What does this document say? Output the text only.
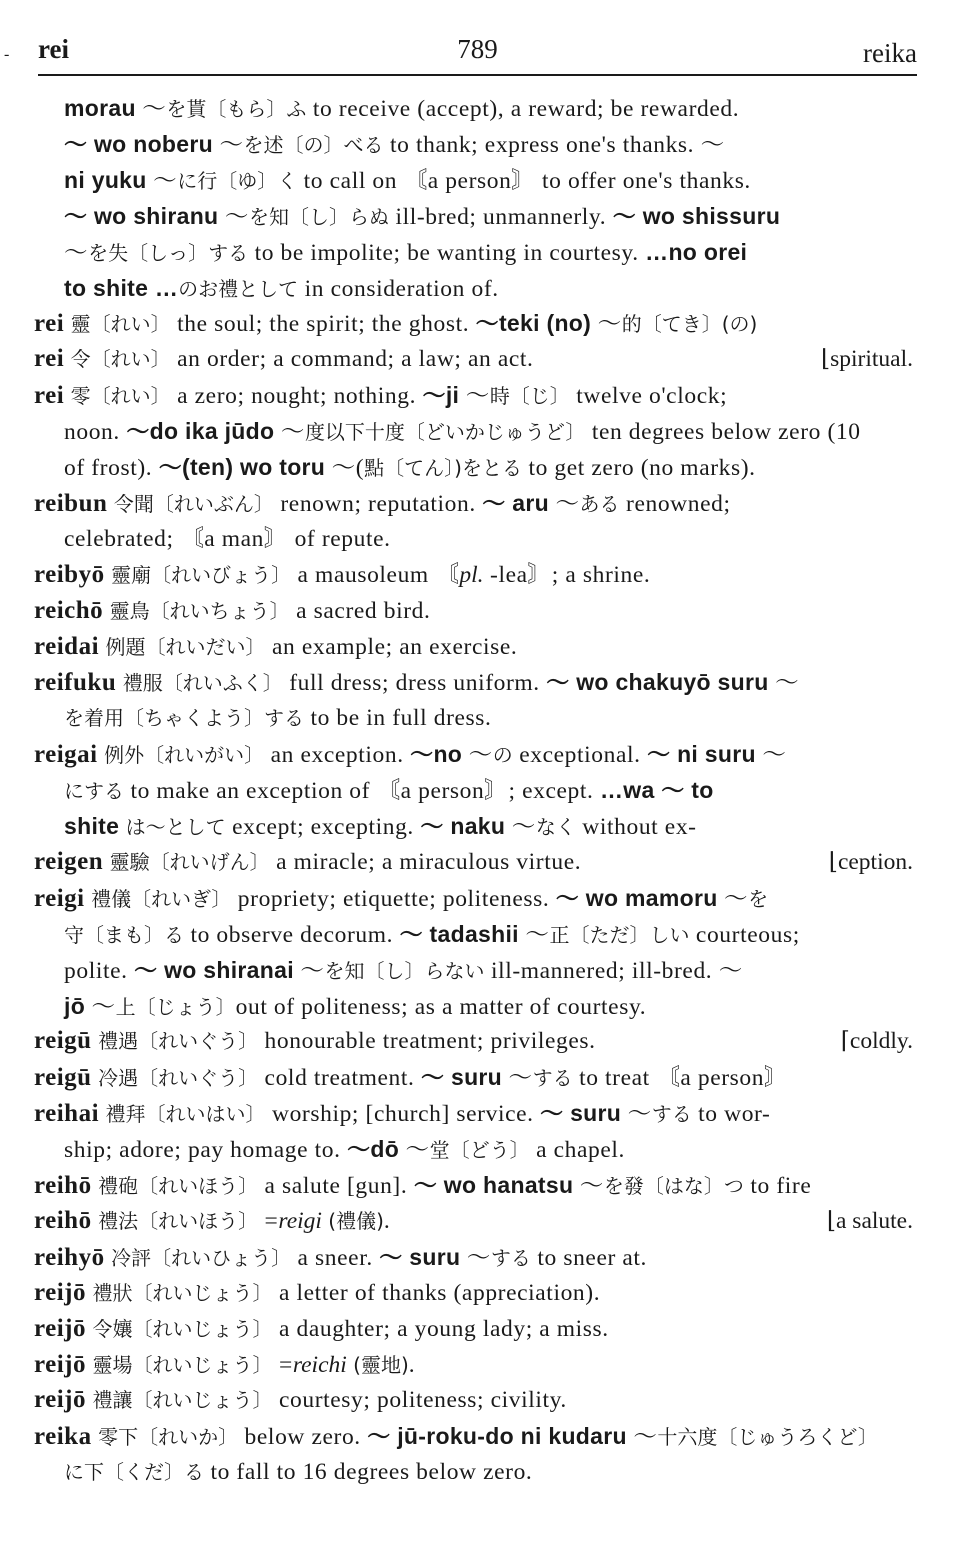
-	789
rei	reika
morau ～を貰〔もら〕ふ to receive (accept), a reward; be rewarded.
～ wo noberu ～を述〔の〕べる to thank; express one's thanks. ～
ni yuku ～に行〔ゆ〕く to call on 〘a person〙 to offer one's thanks.
～ wo shiranu ～を知〔し〕らぬ ill-bred; unmannerly. ～ wo shissuru
～を失〔しっ〕する to be impolite; be wanting in courtesy. …no orei
to shite …のお禮として in consideration of.
rei 靈〔れい〕 the soul; the spirit; the ghost. ～teki (no) ～的〔てき〕(の)
rei 令〔れい〕 an order; a command; a law; an act.	⌊spiritual.
rei 零〔れい〕 a zero; nought; nothing. ～ji ～時〔じ〕 twelve o'clock;
noon. ～do ika jūdo ～度以下十度〔どいかじゅうど〕 ten degrees below zero (10
of frost). ～(ten) wo toru ～(點〔てん〕)をとる to get zero (no marks).
reibun 令聞〔れいぶん〕 renown; reputation. ～ aru ～ある renowned;
celebrated; 〘a man〙 of repute.
reibyō 靈廟〔れいびょう〕 a mausoleum 〘pl. -lea〙; a shrine.
reichō 靈鳥〔れいちょう〕 a sacred bird.
reidai 例題〔れいだい〕 an example; an exercise.
reifuku 禮服〔れいふく〕 full dress; dress uniform. ～ wo chakuyō suru ～
を着用〔ちゃくよう〕する to be in full dress.
reigai 例外〔れいがい〕 an exception. ～no ～の exceptional. ～ ni suru ～
にする to make an exception of 〘a person〙; except. …wa ～ to
shite は～として except; excepting. ～ naku ～なく without ex-
reigen 靈驗〔れいげん〕 a miracle; a miraculous virtue.	⌊ception.
reigi 禮儀〔れいぎ〕 propriety; etiquette; politeness. ～ wo mamoru ～を
守〔まも〕る to observe decorum. ～ tadashii ～正〔ただ〕しい courteous;
polite. ～ wo shiranai ～を知〔し〕らない ill-mannered; ill-bred. ～
jō ～上〔じょう〕out of politeness; as a matter of courtesy.
reigū 禮遇〔れいぐう〕 honourable treatment; privileges.	⌈coldly.
reigū 冷遇〔れいぐう〕 cold treatment. ～ suru ～する to treat 〘a person〙
reihai 禮拜〔れいはい〕 worship; [church] service. ～ suru ～する to wor-
ship; adore; pay homage to. ～dō ～堂〔どう〕 a chapel.
reihō 禮砲〔れいほう〕 a salute [gun]. ～ wo hanatsu ～を發〔はな〕つ to fire
reihō 禮法〔れいほう〕 =reigi (禮儀).	⌊a salute.
reihyō 冷評〔れいひょう〕 a sneer. ～ suru ～する to sneer at.
reijō 禮狀〔れいじょう〕 a letter of thanks (appreciation).
reijō 令孃〔れいじょう〕 a daughter; a young lady; a miss.
reijō 靈場〔れいじょう〕 =reichi (靈地).
reijō 禮讓〔れいじょう〕 courtesy; politeness; civility.
reika 零下〔れいか〕 below zero. ～ jū-roku-do ni kudaru ～十六度〔じゅうろくど〕
に下〔くだ〕る to fall to 16 degrees below zero.
